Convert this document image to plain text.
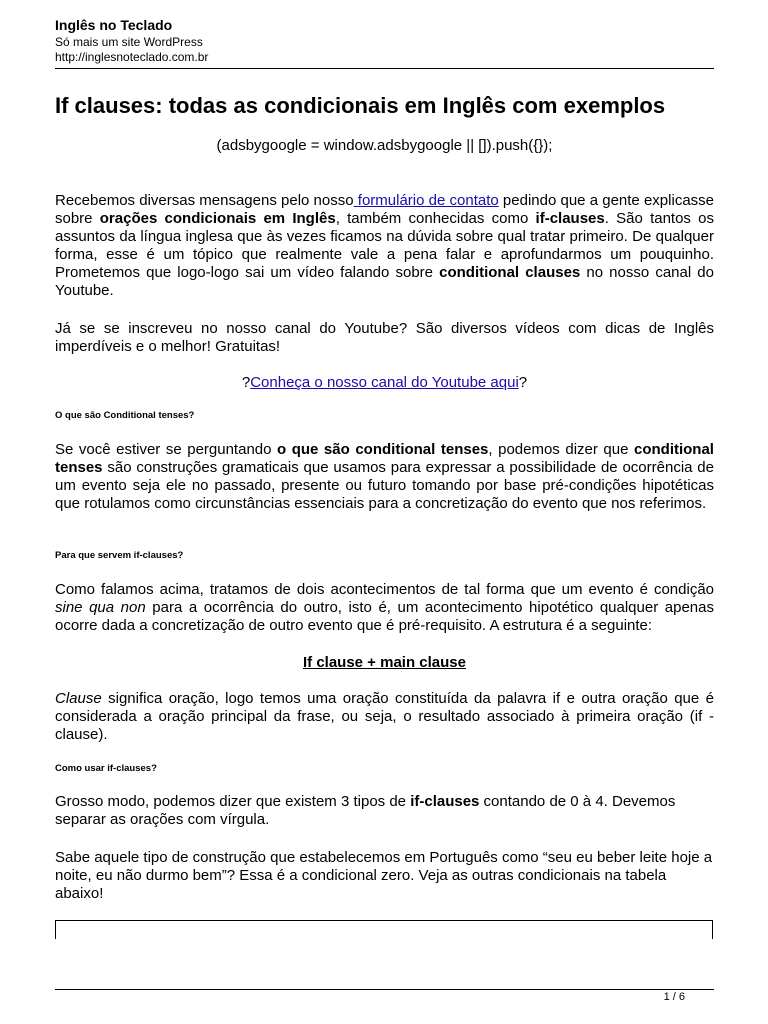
Inglês no Teclado
Só mais um site WordPress
http://inglesnoteclado.com.br
If clauses: todas as condicionais em Inglês com exemplos
(adsbygoogle = window.adsbygoogle || []).push({});

Recebemos diversas mensagens pelo nosso formulário de contato pedindo que a gente explicasse sobre orações condicionais em Inglês, também conhecidas como if-clauses. São tantos os assuntos da língua inglesa que às vezes ficamos na dúvida sobre qual tratar primeiro. De qualquer forma, esse é um tópico que realmente vale a pena falar e aprofundarmos um pouquinho. Prometemos que logo-logo sai um vídeo falando sobre conditional clauses no nosso canal do Youtube.

Já se se inscreveu no nosso canal do Youtube? São diversos vídeos com dicas de Inglês imperdíveis e o melhor! Gratuitas!

?Conheça o nosso canal do Youtube aqui?

O que são Conditional tenses?

Se você estiver se perguntando o que são conditional tenses, podemos dizer que conditional tenses são construções gramaticais que usamos para expressar a possibilidade de ocorrência de um evento seja ele no passado, presente ou futuro tomando por base pré-condições hipotéticas que rotulamos como circunstâncias essenciais para a concretização do evento que nos referimos.

Para que servem if-clauses?

Como falamos acima, tratamos de dois acontecimentos de tal forma que um evento é condição sine qua non para a ocorrência do outro, isto é, um acontecimento hipotético qualquer apenas ocorre dada a concretização de outro evento que é pré-requisito. A estrutura é a seguinte:

If clause + main clause

Clause significa oração, logo temos uma oração constituída da palavra if e outra oração que é considerada a oração principal da frase, ou seja, o resultado associado à primeira oração (if -clause).

Como usar if-clauses?

Grosso modo, podemos dizer que existem 3 tipos de if-clauses contando de 0 à 4. Devemos separar as orações com vírgula.

Sabe aquele tipo de construção que estabelecemos em Português como “seu eu beber leite hoje a noite, eu não durmo bem”? Essa é a condicional zero. Veja as outras condicionais na tabela abaixo!

1 / 6
